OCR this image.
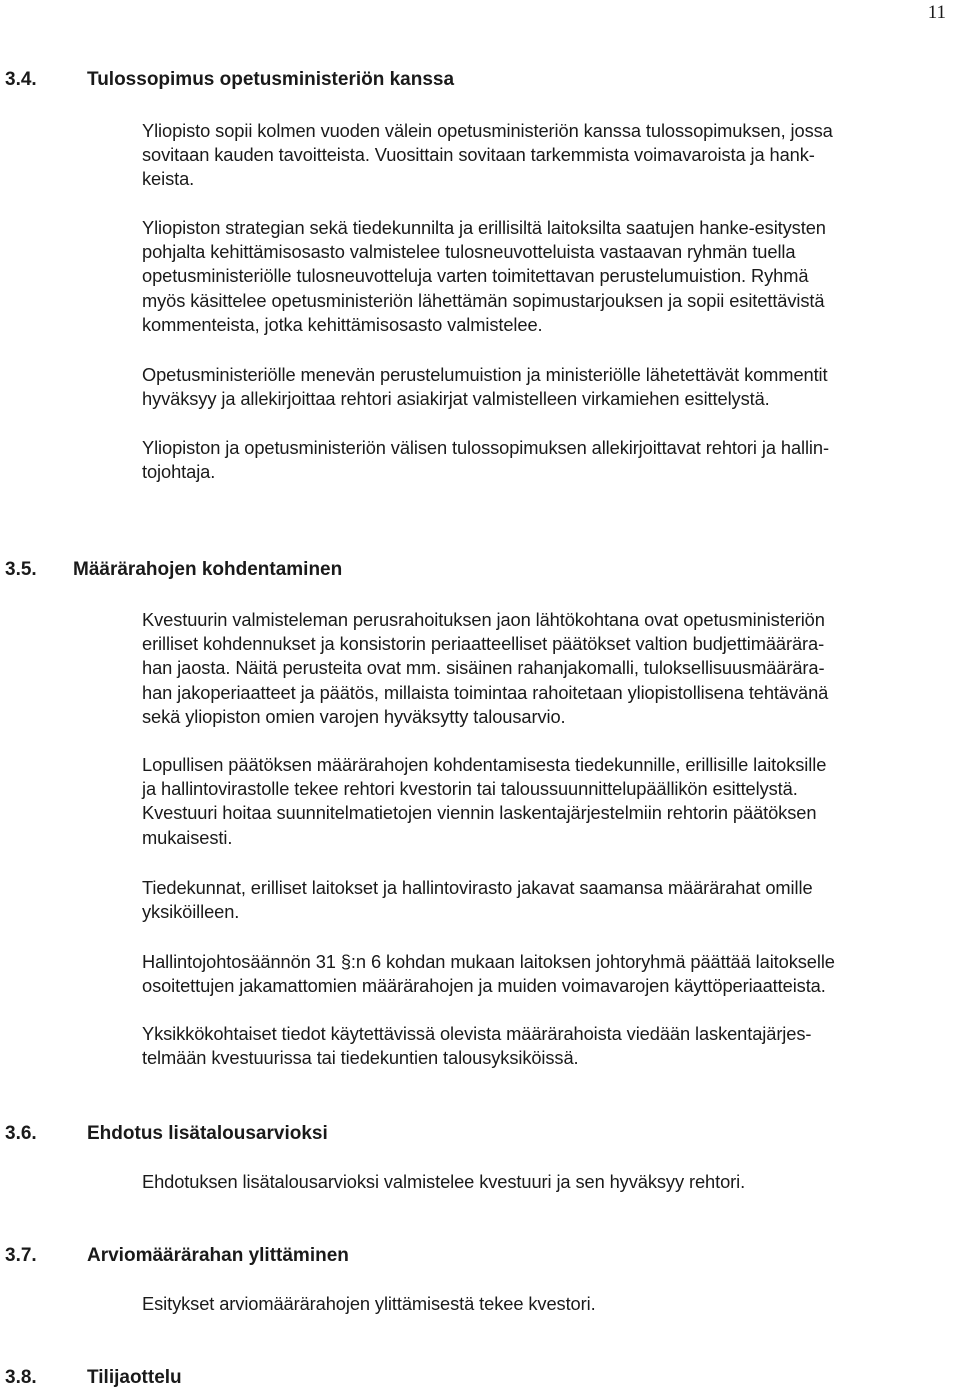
11
3.4.	Tulossopimus opetusministeriön kanssa

Yliopisto sopii kolmen vuoden välein opetusministeriön kanssa tulossopimuksen, jossa
sovitaan kauden tavoitteista. Vuosittain sovitaan tarkemmista voimavaroista ja hank-
keista.

Yliopiston strategian sekä tiedekunnilta ja erillisiltä laitoksilta saatujen hanke-esitysten
pohjalta kehittämisosasto valmistelee tulosneuvotteluista vastaavan ryhmän tuella
opetusministeriölle tulosneuvotteluja varten toimitettavan perustelumuistion. Ryhmä
myös käsittelee opetusministeriön lähettämän sopimustarjouksen ja sopii esitettävistä
kommenteista, jotka kehittämisosasto valmistelee.

Opetusministeriölle menevän perustelumuistion ja ministeriölle lähetettävät kommentit
hyväksyy ja allekirjoittaa rehtori asiakirjat valmistelleen virkamiehen esittelystä.

Yliopiston ja opetusministeriön välisen tulossopimuksen allekirjoittavat rehtori ja hallin-
tojohtaja.

3.5. Määrärahojen kohdentaminen

Kvestuurin valmisteleman perusrahoituksen jaon lähtökohtana ovat opetusministeriön
erilliset kohdennukset ja konsistorin periaatteelliset päätökset valtion budjettimäärära-
han jaosta. Näitä perusteita ovat mm. sisäinen rahanjakomalli, tuloksellisuusmäärära-
han jakoperiaatteet ja päätös, millaista toimintaa rahoitetaan yliopistollisena tehtävänä
sekä yliopiston omien varojen hyväksytty talousarvio.

Lopullisen päätöksen määrärahojen kohdentamisesta tiedekunnille, erillisille laitoksille
ja hallintovirastolle tekee rehtori kvestorin tai taloussuunnittelupäällikön esittelystä.
Kvestuuri hoitaa suunnitelmatietojen viennin laskentajärjestelmiin rehtorin päätöksen
mukaisesti.

Tiedekunnat, erilliset laitokset ja hallintovirasto jakavat saamansa määrärahat omille
yksiköilleen.

Hallintojohtosäännön 31 §:n 6 kohdan mukaan laitoksen johtoryhmä päättää laitokselle
osoitettujen jakamattomien määrärahojen ja muiden voimavarojen käyttöperiaatteista.

Yksikkökohtaiset tiedot käytettävissä olevista määrärahoista viedään laskentajärjes-
telmään kvestuurissa tai tiedekuntien talousyksiköissä.

3.6.	Ehdotus lisätalousarvioksi

Ehdotuksen lisätalousarvioksi valmistelee kvestuuri ja sen hyväksyy rehtori.

3.7.	Arviomäärärahan ylittäminen

Esitykset arviomäärärahojen ylittämisestä tekee kvestori.

3.8.	Tilijaottelu
